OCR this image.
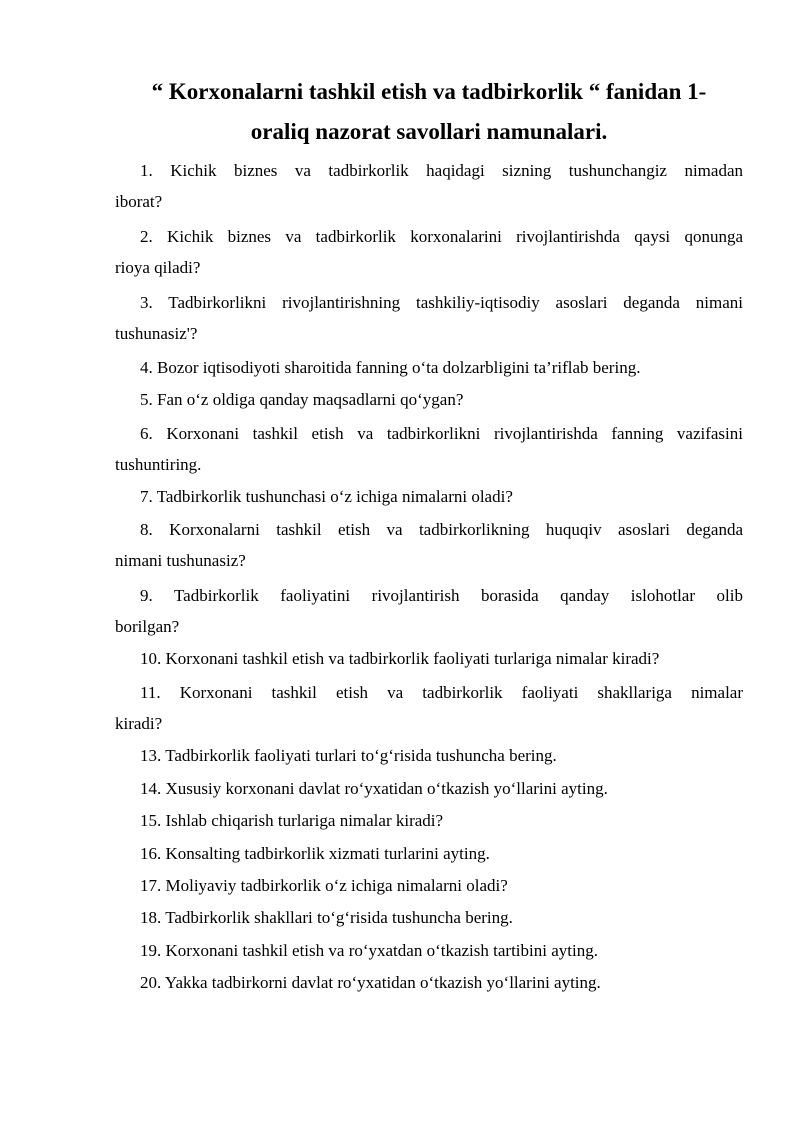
“ Korxonalarni tashkil etish va tadbirkorlik “ fanidan 1-
oraliq nazorat savollari namunalari.
1. Kichik biznes va tadbirkorlik haqidagi sizning tushunchangiz nimadan
iborat?
2. Kichik biznes va tadbirkorlik korxonalarini rivojlantirishda qaysi qonunga
rioya qiladi?
3. Tadbirkorlikni rivojlantirishning tashkiliy-iqtisodiy asoslari deganda nimani
tushunasiz'?
4. Bozor iqtisodiyoti sharoitida fanning o‘ta dolzarbligini ta’riflab bering.
5. Fan o‘z oldiga qanday maqsadlarni qo‘ygan?
6. Korxonani tashkil etish va tadbirkorlikni rivojlantirishda fanning vazifasini
tushuntiring.
7. Tadbirkorlik tushunchasi o‘z ichiga nimalarni oladi?
8. Korxonalarni tashkil etish va tadbirkorlikning huquqiv asoslari deganda
nimani tushunasiz?
9. Tadbirkorlik faoliyatini rivojlantirish borasida qanday islohotlar olib
borilgan?
10. Korxonani tashkil etish va tadbirkorlik faoliyati turlariga nimalar kiradi?
11. Korxonani tashkil etish va tadbirkorlik faoliyati shakllariga nimalar
kiradi?
13. Tadbirkorlik faoliyati turlari to‘g‘risida tushuncha bering.
14. Xususiy korxonani davlat ro‘yxatidan o‘tkazish yo‘llarini ayting.
15. Ishlab chiqarish turlariga nimalar kiradi?
16. Konsalting tadbirkorlik xizmati turlarini ayting.
17. Moliyaviy tadbirkorlik o‘z ichiga nimalarni oladi?
18. Tadbirkorlik shakllari to‘g‘risida tushuncha bering.
19. Korxonani tashkil etish va ro‘yxatdan o‘tkazish tartibini ayting.
20. Yakka tadbirkorni davlat ro‘yxatidan o‘tkazish yo‘llarini ayting.
